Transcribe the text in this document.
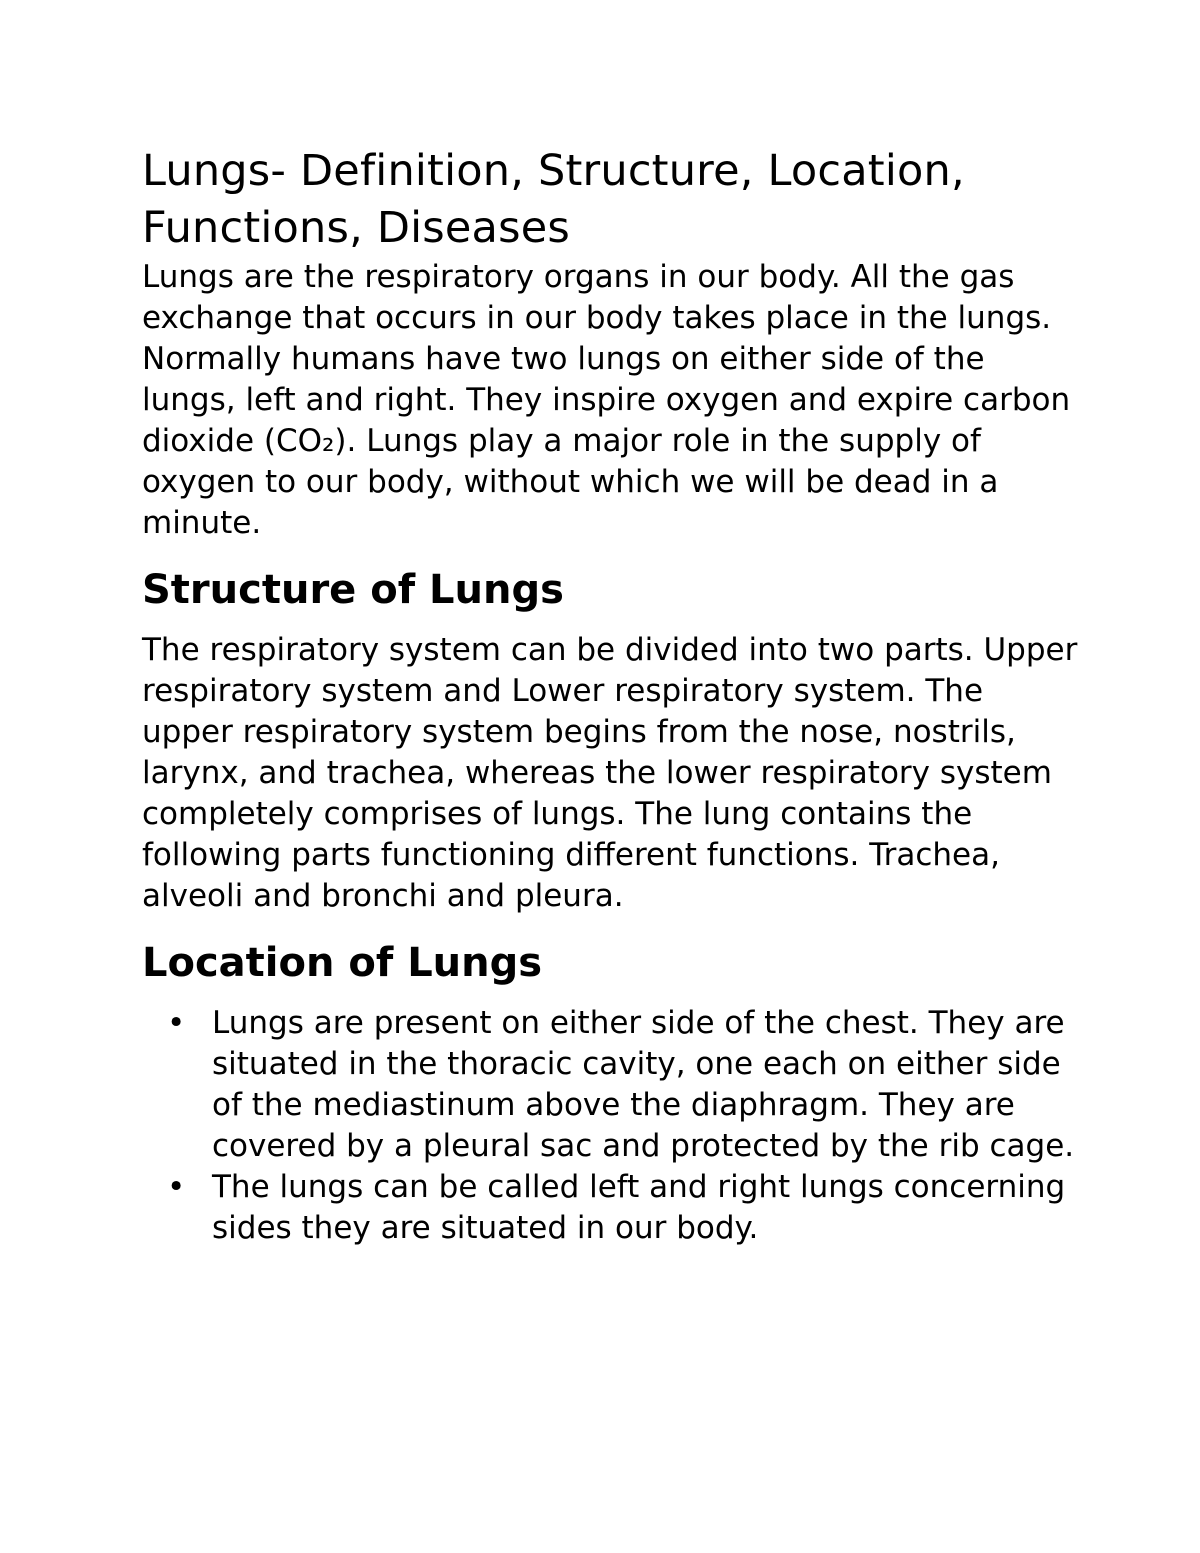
Lungs- Definition, Structure, Location,
Functions, Diseases

Lungs are the respiratory organs in our body. All the gas exchange that occurs in our body takes place in the lungs. Normally humans have two lungs on either side of the lungs, left and right. They inspire oxygen and expire carbon dioxide (CO₂). Lungs play a major role in the supply of oxygen to our body, without which we will be dead in a minute.

Structure of Lungs

The respiratory system can be divided into two parts. Upper respiratory system and Lower respiratory system. The upper respiratory system begins from the nose, nostrils, larynx, and trachea, whereas the lower respiratory system completely comprises of lungs. The lung contains the following parts functioning different functions. Trachea, alveoli and bronchi and pleura.

Location of Lungs
• Lungs are present on either side of the chest. They are situated in the thoracic cavity, one each on either side of the mediastinum above the diaphragm. They are covered by a pleural sac and protected by the rib cage.
• The lungs can be called left and right lungs concerning sides they are situated in our body.
